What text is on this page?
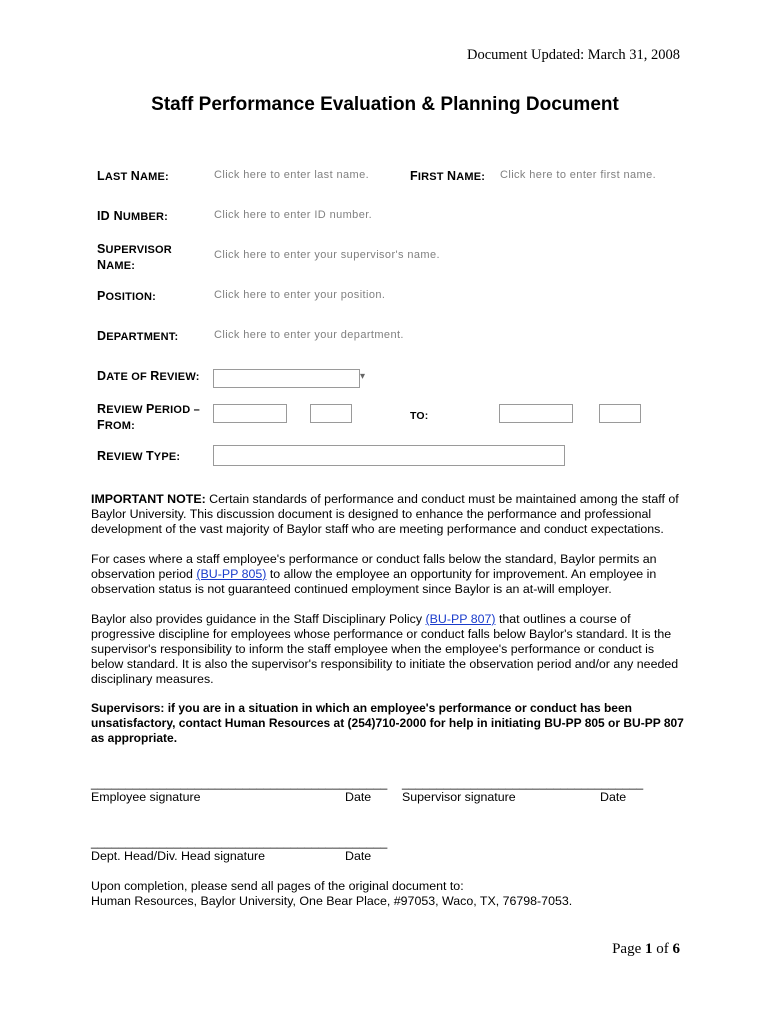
Document Updated: March 31, 2008
Staff Performance Evaluation & Planning Document
LAST NAME:	Click here to enter last name.	FIRST NAME: Click here to enter first name.
ID NUMBER:	Click here to enter ID number.
SUPERVISOR
NAME:
Click here to enter your supervisor's name.
POSITION:	Click here to enter your position.
DEPARTMENT:	Click here to enter your department.
DATE OF REVIEW:	▾
REVIEW PERIOD –
FROM:
TO:
REVIEW TYPE:
IMPORTANT NOTE: Certain standards of performance and conduct must be maintained among the staff of Baylor University. This discussion document is designed to enhance the performance and professional development of the vast majority of Baylor staff who are meeting performance and conduct expectations.
For cases where a staff employee's performance or conduct falls below the standard, Baylor permits an observation period (BU-PP 805) to allow the employee an opportunity for improvement. An employee in observation status is not guaranteed continued employment since Baylor is an at-will employer.
Baylor also provides guidance in the Staff Disciplinary Policy (BU-PP 807) that outlines a course of progressive discipline for employees whose performance or conduct falls below Baylor's standard. It is the supervisor's responsibility to inform the staff employee when the employee's performance or conduct is below standard. It is also the supervisor's responsibility to initiate the observation period and/or any needed disciplinary measures.
Supervisors: if you are in a situation in which an employee's performance or conduct has been unsatisfactory, contact Human Resources at (254)710-2000 for help in initiating BU-PP 805 or BU-PP 807 as appropriate.
___________________________________________
Employee signature	Date
___________________________________
Supervisor signature	Date
___________________________________________
Dept. Head/Div. Head signature	Date
Upon completion, please send all pages of the original document to:
Human Resources, Baylor University, One Bear Place, #97053, Waco, TX, 76798-7053.
Page 1 of 6
